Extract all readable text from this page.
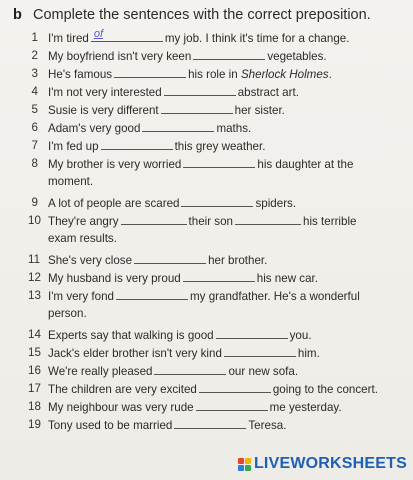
b Complete the sentences with the correct preposition.
1 I'm tired of	my job. I think it's time for a change.
2 My boyfriend isn't very keen	vegetables.
3 He's famous	his role in Sherlock Holmes.
4 I'm not very interested	abstract art.
5 Susie is very different	her sister.
6 Adam's very good	maths.
7 I'm fed up	this grey weather.
8 My brother is very worried	his daughter at the
moment.
9 A lot of people are scared	spiders.
10 They're angry	their son	his terrible
exam results.
11 She's very close	her brother.
12 My husband is very proud	his new car.
13 I'm very fond	my grandfather. He's a wonderful
person.
14 Experts say that walking is good	you.
15 Jack's elder brother isn't very kind	him.
16 We're really pleased	our new sofa.
17 The children are very excited	going to the concert.
18 My neighbour was very rude	me yesterday.
19 Tony used to be married	Teresa.
LIVEWORKSHEETS
